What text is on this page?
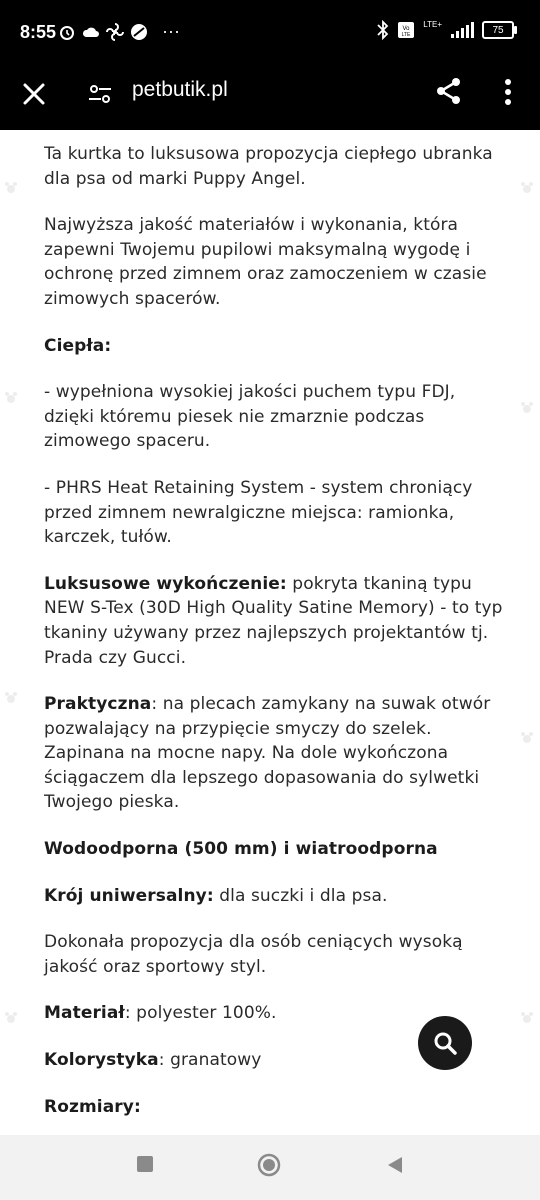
8:55	···	Vo
LTE
LTE+
75
petbutik.pl

Ta kurtka to luksusowa propozycja ciepłego ubranka dla psa od marki Puppy Angel.

Najwyższa jakość materiałów i wykonania, która zapewni Twojemu pupilowi maksymalną wygodę i ochronę przed zimnem oraz zamoczeniem w czasie zimowych spacerów.

Ciepła:

- wypełniona wysokiej jakości puchem typu FDJ, dzięki któremu piesek nie zmarznie podczas zimowego spaceru.

- PHRS Heat Retaining System - system chroniący przed zimnem newralgiczne miejsca: ramionka, karczek, tułów.

Luksusowe wykończenie: pokryta tkaniną typu NEW S-Tex (30D High Quality Satine Memory) - to typ tkaniny używany przez najlepszych projektantów tj. Prada czy Gucci.

Praktyczna: na plecach zamykany na suwak otwór pozwalający na przypięcie smyczy do szelek. Zapinana na mocne napy. Na dole wykończona ściągaczem dla lepszego dopasowania do sylwetki Twojego pieska.

Wodoodporna (500 mm) i wiatroodporna

Krój uniwersalny: dla suczki i dla psa.

Dokonała propozycja dla osób ceniących wysoką jakość oraz sportowy styl.

Materiał: polyester 100%.

Kolorystyka: granatowy

Rozmiary:
